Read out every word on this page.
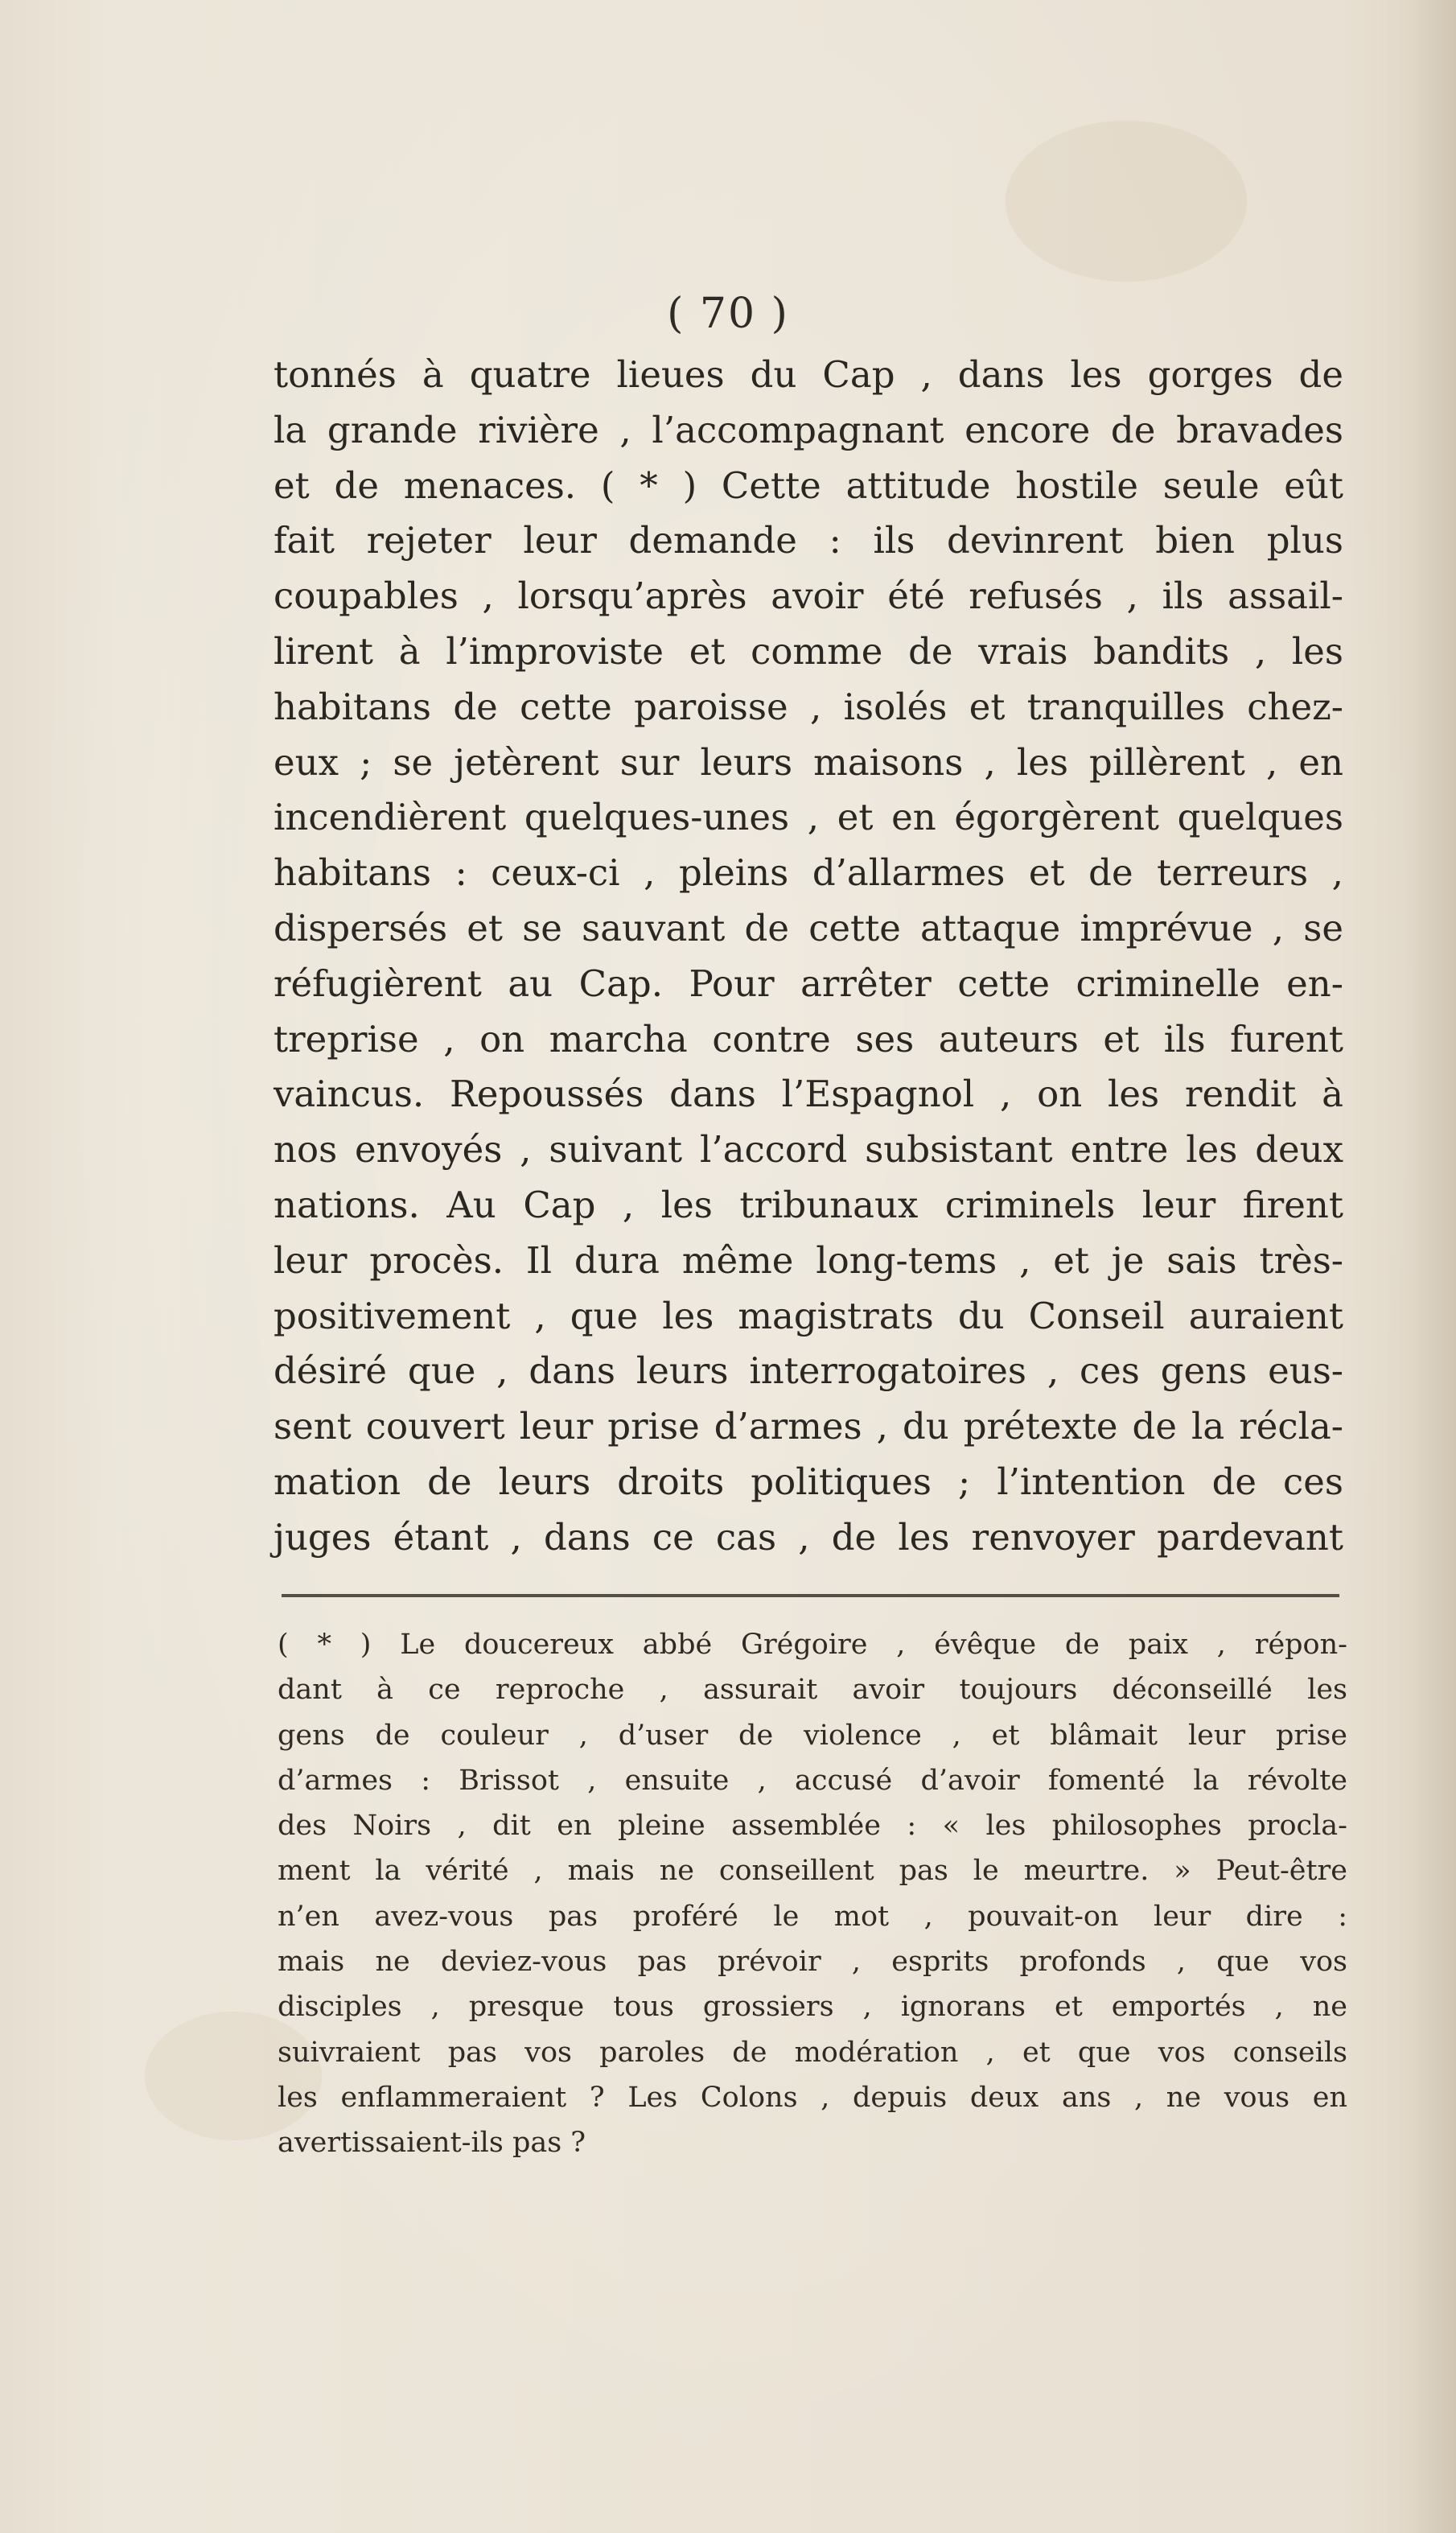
( 70 )
tonnés à quatre lieues du Cap , dans les gorges de
la grande rivière , l’accompagnant encore de bravades
et de menaces. ( * ) Cette attitude hostile seule eût
fait rejeter leur demande : ils devinrent bien plus
coupables , lorsqu’après avoir été refusés , ils assail-
lirent à l’improviste et comme de vrais bandits , les
habitans de cette paroisse , isolés et tranquilles chez-
eux ; se jetèrent sur leurs maisons , les pillèrent , en
incendièrent quelques-unes , et en égorgèrent quelques
habitans : ceux-ci , pleins d’allarmes et de terreurs ,
dispersés et se sauvant de cette attaque imprévue , se
réfugièrent au Cap. Pour arrêter cette criminelle en-
treprise , on marcha contre ses auteurs et ils furent
vaincus. Repoussés dans l’Espagnol , on les rendit à
nos envoyés , suivant l’accord subsistant entre les deux
nations. Au Cap , les tribunaux criminels leur firent
leur procès. Il dura même long-tems , et je sais très-
positivement , que les magistrats du Conseil auraient
désiré que , dans leurs interrogatoires , ces gens eus-
sent couvert leur prise d’armes , du prétexte de la récla-
mation de leurs droits politiques ; l’intention de ces
juges étant , dans ce cas , de les renvoyer pardevant
( * ) Le doucereux abbé Grégoire , évêque de paix , répon-
dant à ce reproche , assurait avoir toujours déconseillé les
gens de couleur , d’user de violence , et blâmait leur prise
d’armes : Brissot , ensuite , accusé d’avoir fomenté la révolte
des Noirs , dit en pleine assemblée : « les philosophes procla-
ment la vérité , mais ne conseillent pas le meurtre. » Peut-être
n’en avez-vous pas proféré le mot , pouvait-on leur dire :
mais ne deviez-vous pas prévoir , esprits profonds , que vos
disciples , presque tous grossiers , ignorans et emportés , ne
suivraient pas vos paroles de modération , et que vos conseils
les enflammeraient ? Les Colons , depuis deux ans , ne vous en
avertissaient-ils pas ?
